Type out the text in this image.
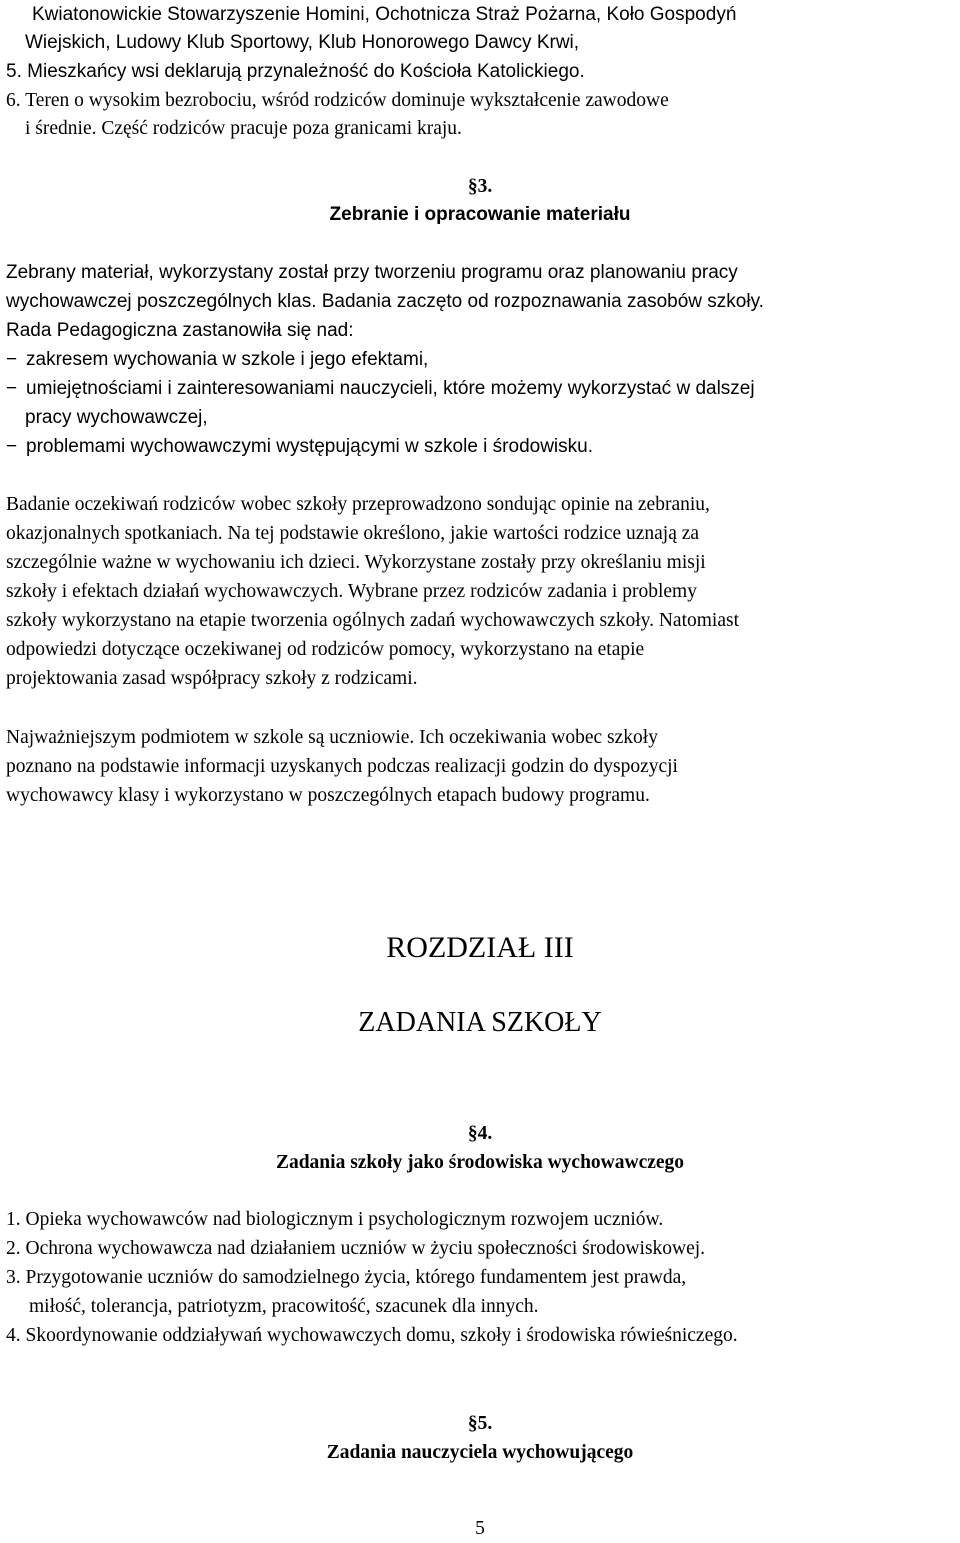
Kwiatonowickie Stowarzyszenie Homini, Ochotnicza Straż Pożarna, Koło Gospodyń
Wiejskich, Ludowy Klub Sportowy, Klub Honorowego Dawcy Krwi,
5. Mieszkańcy wsi deklarują przynależność do Kościoła Katolickiego.
6. Teren o wysokim bezrobociu, wśród rodziców dominuje wykształcenie zawodowe
i średnie. Część rodziców pracuje poza granicami kraju.
§3.
Zebranie i opracowanie materiału
Zebrany materiał, wykorzystany został przy tworzeniu programu oraz planowaniu pracy
wychowawczej poszczególnych klas. Badania zaczęto od rozpoznawania zasobów szkoły.
Rada Pedagogiczna zastanowiła się nad:
− zakresem wychowania w szkole i jego efektami,
− umiejętnościami i zainteresowaniami nauczycieli, które możemy wykorzystać w dalszej
pracy wychowawczej,
− problemami wychowawczymi występującymi w szkole i środowisku.
Badanie oczekiwań rodziców wobec szkoły przeprowadzono sondując opinie na zebraniu,
okazjonalnych spotkaniach. Na tej podstawie określono, jakie wartości rodzice uznają za
szczególnie ważne w wychowaniu ich dzieci. Wykorzystane zostały przy określaniu misji
szkoły i efektach działań wychowawczych. Wybrane przez rodziców zadania i problemy
szkoły wykorzystano na etapie tworzenia ogólnych zadań wychowawczych szkoły. Natomiast
odpowiedzi dotyczące oczekiwanej od rodziców pomocy, wykorzystano na etapie
projektowania zasad współpracy szkoły z rodzicami.
Najważniejszym podmiotem w szkole są uczniowie. Ich oczekiwania wobec szkoły
poznano na podstawie informacji uzyskanych podczas realizacji godzin do dyspozycji
wychowawcy klasy i wykorzystano w poszczególnych etapach budowy programu.
ROZDZIAŁ III
ZADANIA SZKOŁY
§4.
Zadania szkoły jako środowiska wychowawczego
1. Opieka wychowawców nad biologicznym i psychologicznym rozwojem uczniów.
2. Ochrona wychowawcza nad działaniem uczniów w życiu społeczności środowiskowej.
3. Przygotowanie uczniów do samodzielnego życia, którego fundamentem jest prawda,
miłość, tolerancja, patriotyzm, pracowitość, szacunek dla innych.
4. Skoordynowanie oddziaływań wychowawczych domu, szkoły i środowiska rówieśniczego.
§5.
Zadania nauczyciela wychowującego
5
